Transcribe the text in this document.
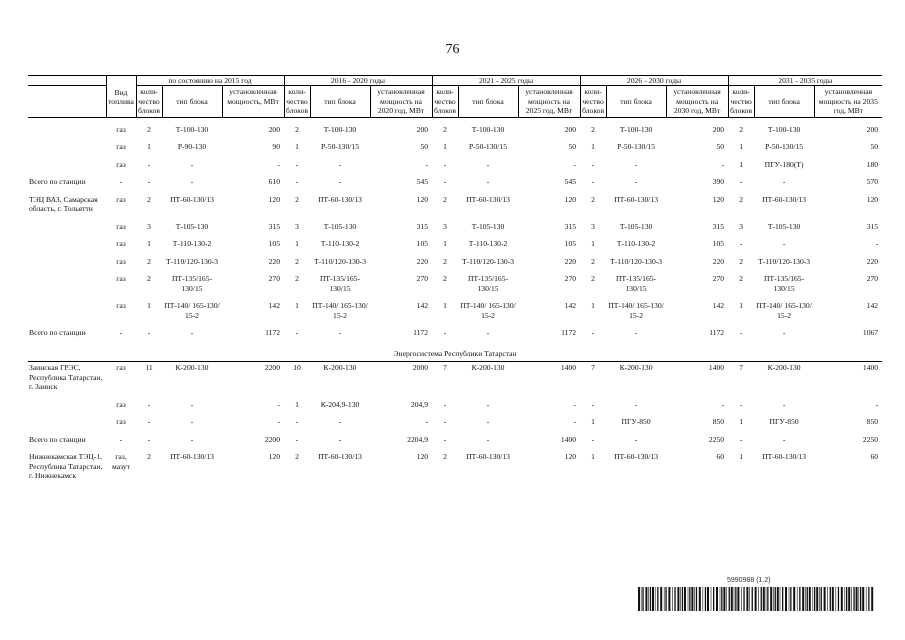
76
	Вид топлива	по состоянию на 2015 год			2016 - 2020 годы			2021 - 2025 годы			2026 - 2030 годы			2031 - 2035 годы		
		коли-чество блоков	тип блока	установленная мощность, МВт	коли-чество блоков	тип блока	установленная мощность на 2020 год, МВт	коли-чество блоков	тип блока	установленная мощность на 2025 год, МВт	коли-чество блоков	тип блока	установленная мощность на 2030 год, МВт	коли-чество блоков	тип блока	установленная мощность на 2035 год, МВт

	газ	2	Т-100-130	200	2	Т-100-130	200	2	Т-100-130	200	2	Т-100-130	200	2	Т-100-130	200

	газ	1	Р-90-130	90	1	Р-50-130/15	50	1	Р-50-130/15	50	1	Р-50-130/15	50	1	Р-50-130/15	50

	газ	-	-	-	-	-	-	-	-	-	-	-	-	1	ПГУ-180(Т)	180

Всего по станции	-	-	-	610	-	-	545	-	-	545	-	-	390	-	-	570

ТЭЦ ВАЗ, Самарская область, г. Тольятти	газ	2	ПТ-60-130/13	120	2	ПТ-60-130/13	120	2	ПТ-60-130/13	120	2	ПТ-60-130/13	120	2	ПТ-60-130/13	120

	газ	3	Т-105-130	315	3	Т-105-130	315	3	Т-105-130	315	3	Т-105-130	315	3	Т-105-130	315

	газ	1	Т-110-130-2	105	1	Т-110-130-2	105	1	Т-110-130-2	105	1	Т-110-130-2	105	-	-	-

	газ	2	Т-110/120-130-3	220	2	Т-110/120-130-3	220	2	Т-110/120-130-3	220	2	Т-110/120-130-3	220	2	Т-110/120-130-3	220

	газ	2	ПТ-135/165-130/15	270	2	ПТ-135/165-130/15	270	2	ПТ-135/165-130/15	270	2	ПТ-135/165-130/15	270	2	ПТ-135/165-130/15	270

	газ	1	ПТ-140/ 165-130/ 15-2	142	1	ПТ-140/ 165-130/ 15-2	142	1	ПТ-140/ 165-130/ 15-2	142	1	ПТ-140/ 165-130/ 15-2	142	1	ПТ-140/ 165-130/ 15-2	142

Всего по станции	-	-	-	1172	-	-	1172	-	-	1172	-	-	1172	-	-	1067

Энергосистема Республики Татарстан																

Заинская ГРЭС, Республика Татарстан, г. Заинск	газ	11	К-200-130	2200	10	К-200-130	2000	7	К-200-130	1400	7	К-200-130	1400	7	К-200-130	1400

	газ	-	-	-	1	К-204,9-130	204,9	-	-	-	-	-	-	-	-	-

	газ	-	-	-	-	-	-	-	-	-	1	ПГУ-850	850	1	ПГУ-850	850

Всего по станции	-	-	-	2200	-	-	2204,9	-	-	1400	-	-	2250	-	-	2250

Нижнекамская ТЭЦ-1, Республика Татарстан, г. Нижнекамск	газ, мазут	2	ПТ-60-130/13	120	2	ПТ-60-130/13	120	2	ПТ-60-130/13	120	1	ПТ-60-130/13	60	1	ПТ-60-130/13	60

5990988 (1.2)
